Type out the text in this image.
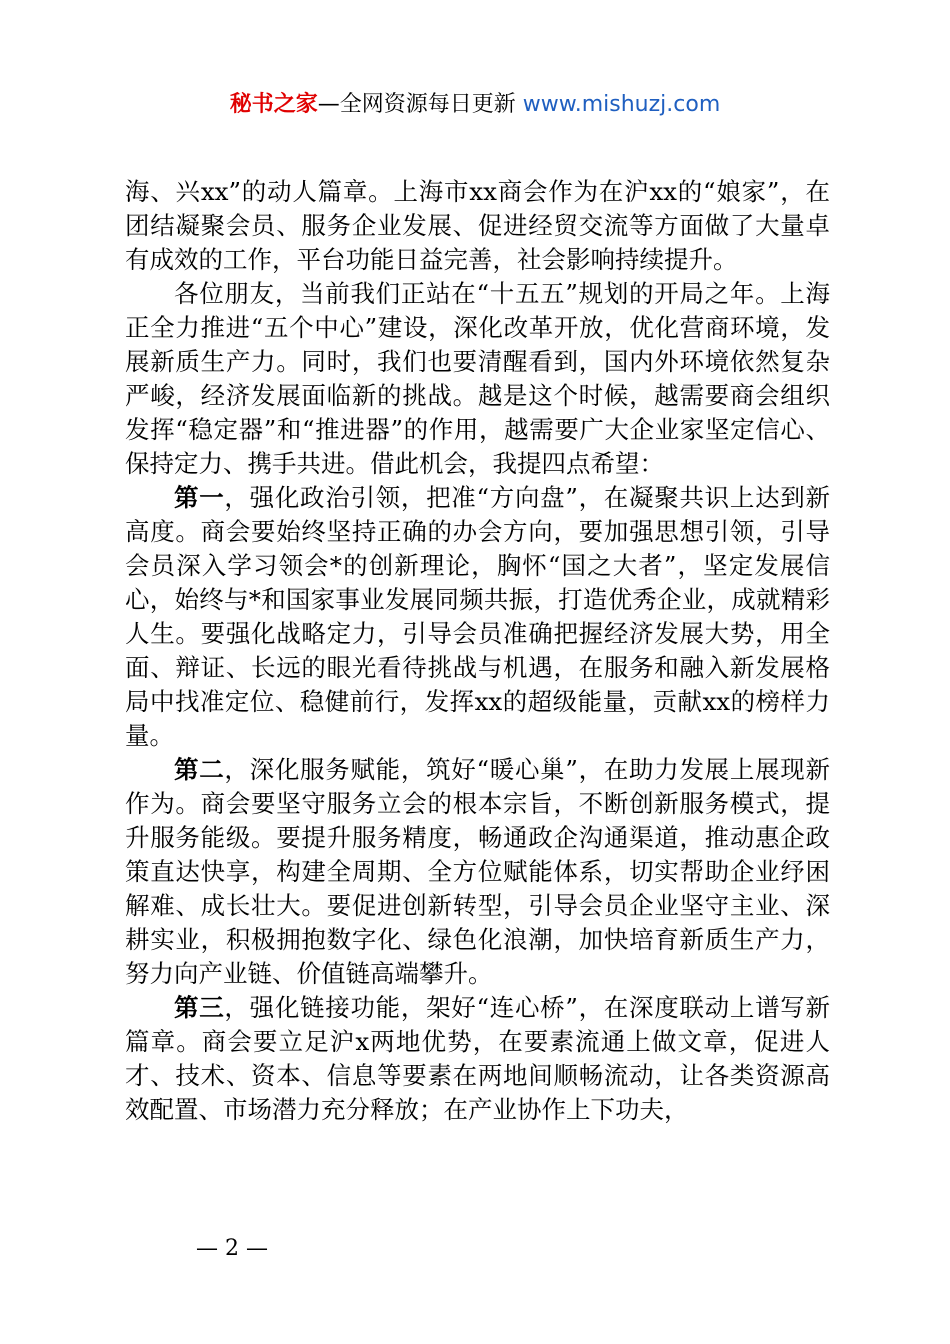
秘书之家—全网资源每日更新 www.mishuzj.com

海、兴xx”的动人篇章。上海市xx商会作为在沪xx的“娘家”，在团结凝聚会员、服务企业发展、促进经贸交流等方面做了大量卓有成效的工作，平台功能日益完善，社会影响持续提升。

各位朋友，当前我们正站在“十五五”规划的开局之年。上海正全力推进“五个中心”建设，深化改革开放，优化营商环境，发展新质生产力。同时，我们也要清醒看到，国内外环境依然复杂严峻，经济发展面临新的挑战。越是这个时候，越需要商会组织发挥“稳定器”和“推进器”的作用，越需要广大企业家坚定信心、保持定力、携手共进。借此机会，我提四点希望：

第一，强化政治引领，把准“方向盘”，在凝聚共识上达到新高度。商会要始终坚持正确的办会方向，要加强思想引领，引导会员深入学习领会*的创新理论，胸怀“国之大者”，坚定发展信心，始终与*和国家事业发展同频共振，打造优秀企业，成就精彩人生。要强化战略定力，引导会员准确把握经济发展大势，用全面、辩证、长远的眼光看待挑战与机遇，在服务和融入新发展格局中找准定位、稳健前行，发挥xx的超级能量，贡献xx的榜样力量。

第二，深化服务赋能，筑好“暖心巢”，在助力发展上展现新作为。商会要坚守服务立会的根本宗旨，不断创新服务模式，提升服务能级。要提升服务精度，畅通政企沟通渠道，推动惠企政策直达快享，构建全周期、全方位赋能体系，切实帮助企业纾困解难、成长壮大。要促进创新转型，引导会员企业坚守主业、深耕实业，积极拥抱数字化、绿色化浪潮，加快培育新质生产力，努力向产业链、价值链高端攀升。

第三，强化链接功能，架好“连心桥”，在深度联动上谱写新篇章。商会要立足沪x两地优势，在要素流通上做文章，促进人才、技术、资本、信息等要素在两地间顺畅流动，让各类资源高效配置、市场潜力充分释放；在产业协作上下功夫，

— 2 —
